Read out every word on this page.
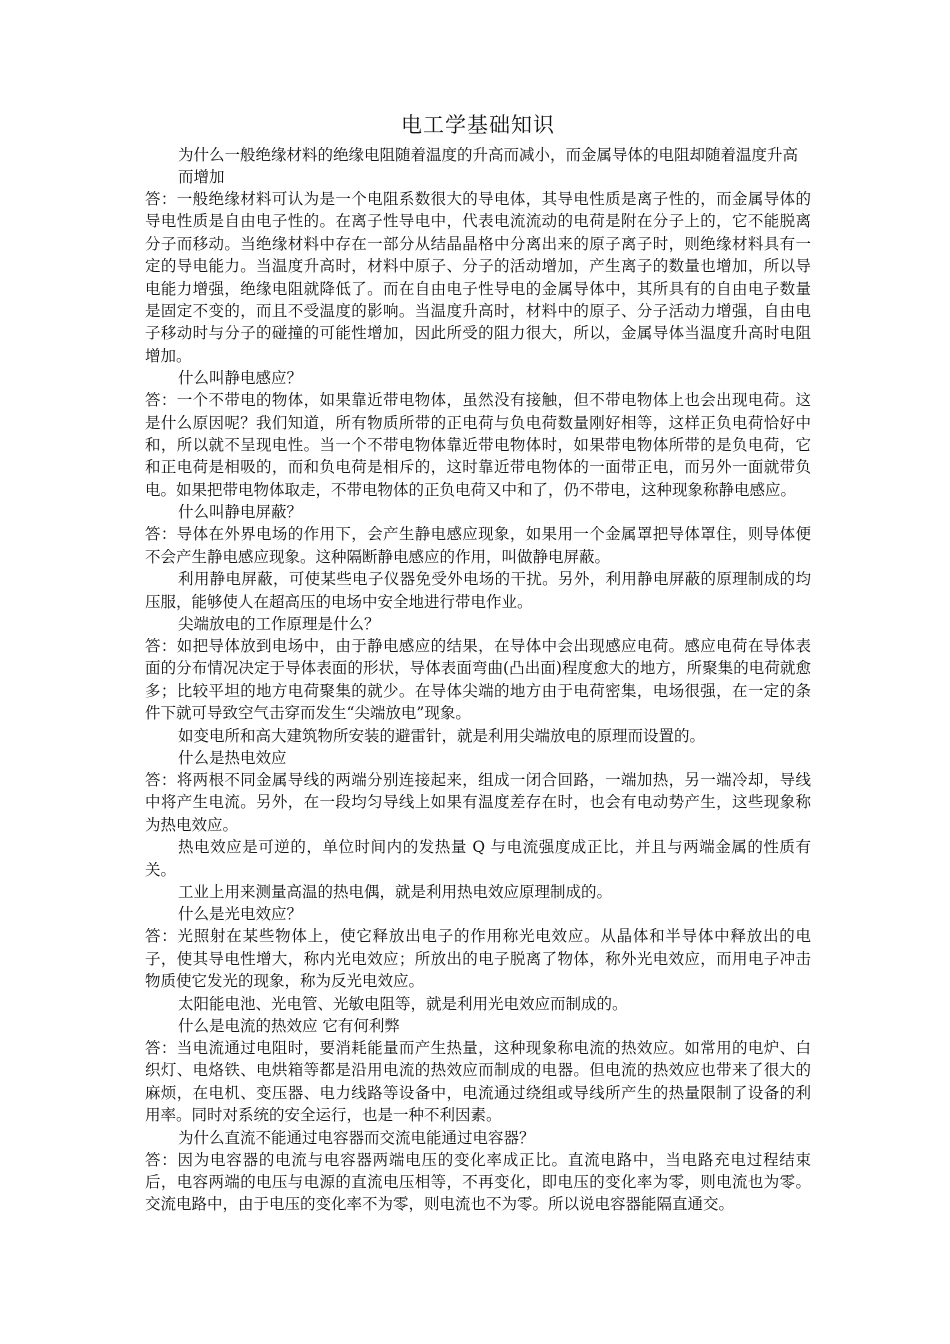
电工学基础知识

为什么一般绝缘材料的绝缘电阻随着温度的升高而减小，而金属导体的电阻却随着温度升高而增加

答：一般绝缘材料可认为是一个电阻系数很大的导电体，其导电性质是离子性的，而金属导体的导电性质是自由电子性的。在离子性导电中，代表电流流动的电荷是附在分子上的，它不能脱离分子而移动。当绝缘材料中存在一部分从结晶晶格中分离出来的原子离子时，则绝缘材料具有一定的导电能力。当温度升高时，材料中原子、分子的活动增加，产生离子的数量也增加，所以导电能力增强，绝缘电阻就降低了。而在自由电子性导电的金属导体中，其所具有的自由电子数量是固定不变的，而且不受温度的影响。当温度升高时，材料中的原子、分子活动力增强，自由电子移动时与分子的碰撞的可能性增加，因此所受的阻力很大，所以，金属导体当温度升高时电阻增加。

什么叫静电感应？

答：一个不带电的物体，如果靠近带电物体，虽然没有接触，但不带电物体上也会出现电荷。这是什么原因呢？我们知道，所有物质所带的正电荷与负电荷数量刚好相等，这样正负电荷恰好中和，所以就不呈现电性。当一个不带电物体靠近带电物体时，如果带电物体所带的是负电荷，它和正电荷是相吸的，而和负电荷是相斥的，这时靠近带电物体的一面带正电，而另外一面就带负电。如果把带电物体取走，不带电物体的正负电荷又中和了，仍不带电，这种现象称静电感应。

什么叫静电屏蔽？

答：导体在外界电场的作用下，会产生静电感应现象，如果用一个金属罩把导体罩住，则导体便不会产生静电感应现象。这种隔断静电感应的作用，叫做静电屏蔽。

利用静电屏蔽，可使某些电子仪器免受外电场的干扰。另外，利用静电屏蔽的原理制成的均压服，能够使人在超高压的电场中安全地进行带电作业。

尖端放电的工作原理是什么？

答：如把导体放到电场中，由于静电感应的结果，在导体中会出现感应电荷。感应电荷在导体表面的分布情况决定于导体表面的形状，导体表面弯曲(凸出面)程度愈大的地方，所聚集的电荷就愈多；比较平坦的地方电荷聚集的就少。在导体尖端的地方由于电荷密集，电场很强，在一定的条件下就可导致空气击穿而发生“尖端放电”现象。

如变电所和高大建筑物所安装的避雷针，就是利用尖端放电的原理而设置的。

什么是热电效应

答：将两根不同金属导线的两端分别连接起来，组成一闭合回路，一端加热，另一端冷却，导线中将产生电流。另外，在一段均匀导线上如果有温度差存在时，也会有电动势产生，这些现象称为热电效应。

热电效应是可逆的，单位时间内的发热量 Q 与电流强度成正比，并且与两端金属的性质有关。

工业上用来测量高温的热电偶，就是利用热电效应原理制成的。

什么是光电效应？

答：光照射在某些物体上，使它释放出电子的作用称光电效应。从晶体和半导体中释放出的电子，使其导电性增大，称内光电效应；所放出的电子脱离了物体，称外光电效应，而用电子冲击物质使它发光的现象，称为反光电效应。

太阳能电池、光电管、光敏电阻等，就是利用光电效应而制成的。

什么是电流的热效应 它有何利弊

答：当电流通过电阻时，要消耗能量而产生热量，这种现象称电流的热效应。如常用的电炉、白织灯、电烙铁、电烘箱等都是沿用电流的热效应而制成的电器。但电流的热效应也带来了很大的麻烦，在电机、变压器、电力线路等设备中，电流通过绕组或导线所产生的热量限制了设备的利用率。同时对系统的安全运行，也是一种不利因素。

为什么直流不能通过电容器而交流电能通过电容器？

答：因为电容器的电流与电容器两端电压的变化率成正比。直流电路中，当电路充电过程结束后，电容两端的电压与电源的直流电压相等，不再变化，即电压的变化率为零，则电流也为零。交流电路中，由于电压的变化率不为零，则电流也不为零。所以说电容器能隔直通交。
